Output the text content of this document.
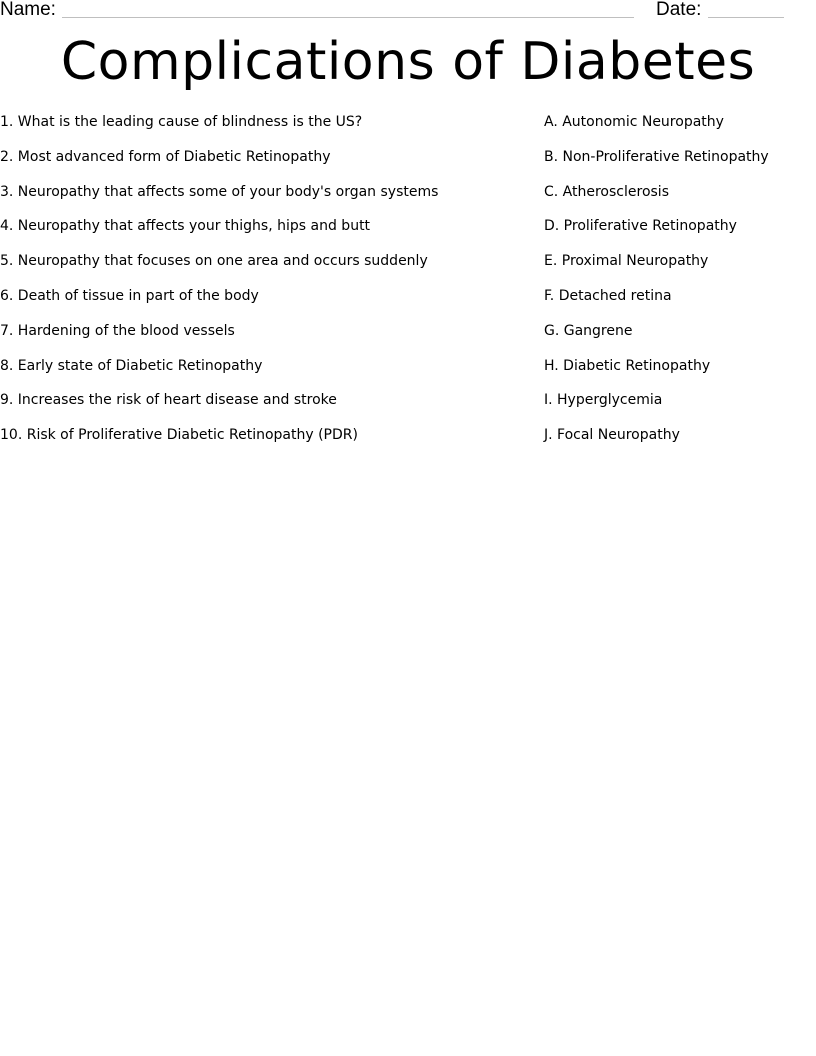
Name:	Date:
Complications of Diabetes
1. What is the leading cause of blindness is the US?
2. Most advanced form of Diabetic Retinopathy
3. Neuropathy that affects some of your body's organ systems
4. Neuropathy that affects your thighs, hips and butt
5. Neuropathy that focuses on one area and occurs suddenly
6. Death of tissue in part of the body
7. Hardening of the blood vessels
8. Early state of Diabetic Retinopathy
9. Increases the risk of heart disease and stroke
10. Risk of Proliferative Diabetic Retinopathy (PDR)
A. Autonomic Neuropathy
B. Non-Proliferative Retinopathy
C. Atherosclerosis
D. Proliferative Retinopathy
E. Proximal Neuropathy
F. Detached retina
G. Gangrene
H. Diabetic Retinopathy
I. Hyperglycemia
J. Focal Neuropathy
